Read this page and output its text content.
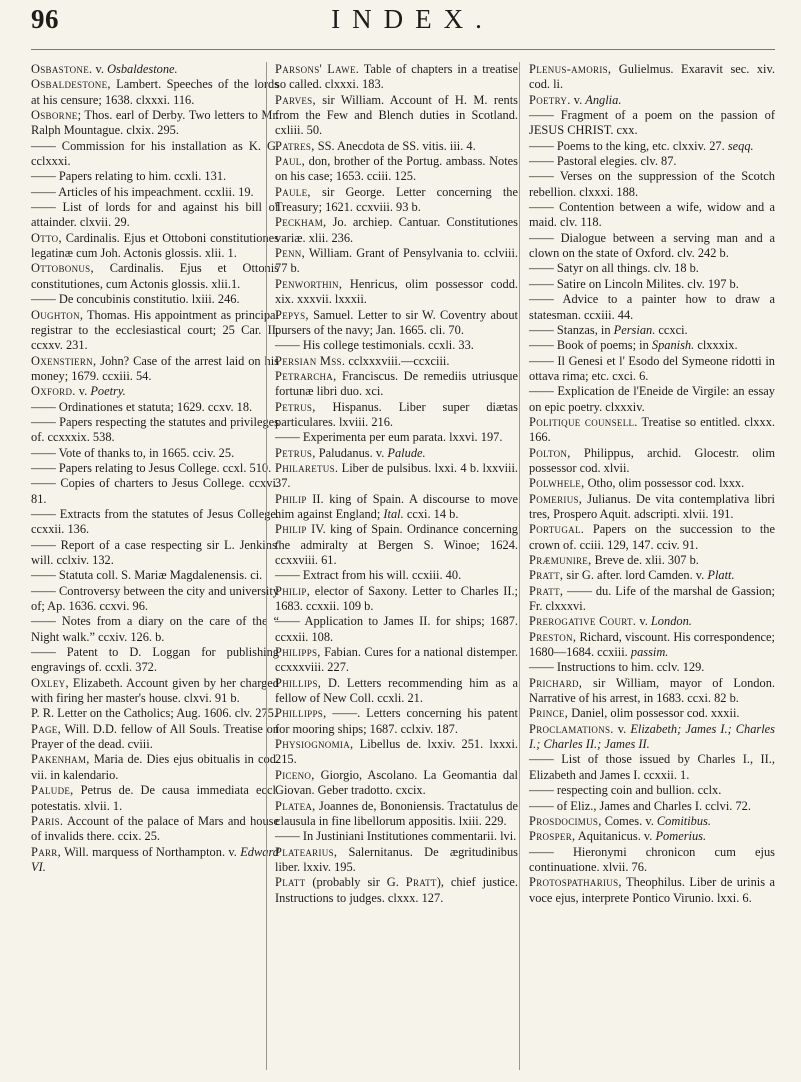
96	INDEX.

Osbastone. v. Osbaldestone.

Osbaldestone, Lambert. Speeches of the lords at his censure; 1638. clxxxi. 116.

Osborne; Thos. earl of Derby. Two letters to Mr. Ralph Mountague. clxix. 295.

—— Commission for his installation as K. G. cclxxxi.

—— Papers relating to him. ccxli. 131.

—— Articles of his impeachment. ccxlii. 19.

—— List of lords for and against his bill of attainder. clxvii. 29.

Otto, Cardinalis. Ejus et Ottoboni constitutiones legatinæ cum Joh. Actonis glossis. xlii. 1.

Ottobonus, Cardinalis. Ejus et Ottonis constitutiones, cum Actonis glossis. xlii.1.

—— De concubinis constitutio. lxiii. 246.

Oughton, Thomas. His appointment as principal registrar to the ecclesiastical court; 25 Car. II. ccxxv. 231.

Oxenstiern, John? Case of the arrest laid on his money; 1679. ccxiii. 54.

Oxford. v. Poetry.

—— Ordinationes et statuta; 1629. ccxv. 18.

—— Papers respecting the statutes and privileges of. ccxxxix. 538.

—— Vote of thanks to, in 1665. cciv. 25.

—— Papers relating to Jesus College. ccxl. 510.

—— Copies of charters to Jesus College. ccxvi. 81.

—— Extracts from the statutes of Jesus College. ccxxii. 136.

—— Report of a case respecting sir L. Jenkins' will. cclxiv. 132.

—— Statuta coll. S. Mariæ Magdalenensis. ci.

—— Controversy between the city and university of; Ap. 1636. ccxvi. 96.

—— Notes from a diary on the care of the “ Night walk.” ccxiv. 126. b.

—— Patent to D. Loggan for publishing engravings of. ccxli. 372.

Oxley, Elizabeth. Account given by her charged with firing her master's house. clxvi. 91 b.

P. R. Letter on the Catholics; Aug. 1606. clv. 275.

Page, Will. D.D. fellow of All Souls. Treatise on Prayer of the dead. cviii.

Pakenham, Maria de. Dies ejus obitualis in cod. vii. in kalendario.

Palude, Petrus de. De causa immediata eccl. potestatis. xlvii. 1.

Paris. Account of the palace of Mars and house of invalids there. ccix. 25.

Parr, Will. marquess of Northampton. v. Edward VI.

Parsons' Lawe. Table of chapters in a treatise so called. clxxxi. 183.

Parves, sir William. Account of H. M. rents from the Few and Blench duties in Scotland. cxliii. 50.

Patres, SS. Anecdota de SS. vitis. iii. 4.

Paul, don, brother of the Portug. ambass. Notes on his case; 1653. cciii. 125.

Paule, sir George. Letter concerning the Treasury; 1621. ccxviii. 93 b.

Peckham, Jo. archiep. Cantuar. Constitutiones variæ. xlii. 236.

Penn, William. Grant of Pensylvania to. cclviii. 77 b.

Penworthin, Henricus, olim possessor codd. xix. xxxvii. lxxxii.

Pepys, Samuel. Letter to sir W. Coventry about pursers of the navy; Jan. 1665. cli. 70.

—— His college testimonials. ccxli. 33.

Persian Mss. cclxxxviii.—ccxciii.

Petrarcha, Franciscus. De remediis utriusque fortunæ libri duo. xci.

Petrus, Hispanus. Liber super diætas particulares. lxviii. 216.

—— Experimenta per eum parata. lxxvi. 197.

Petrus, Paludanus. v. Palude.

Philaretus. Liber de pulsibus. lxxi. 4 b. lxxviii. 37.

Philip II. king of Spain. A discourse to move him against England; Ital. ccxi. 14 b.

Philip IV. king of Spain. Ordinance concerning the admiralty at Bergen S. Winoe; 1624. ccxxviii. 61.

—— Extract from his will. ccxiii. 40.

Philip, elector of Saxony. Letter to Charles II.; 1683. ccxxii. 109 b.

—— Application to James II. for ships; 1687. ccxxii. 108.

Philipps, Fabian. Cures for a national distemper. ccxxxviii. 227.

Phillips, D. Letters recommending him as a fellow of New Coll. ccxli. 21.

Phillipps, ——. Letters concerning his patent for mooring ships; 1687. cclxiv. 187.

Physiognomia, Libellus de. lxxiv. 251. lxxxi. 215.

Piceno, Giorgio, Ascolano. La Geomantia dal Giovan. Geber tradotto. cxcix.

Platea, Joannes de, Bononiensis. Tractatulus de clausula in fine libellorum appositis. lxiii. 229.

—— In Justiniani Institutiones commentarii. lvi.

Platearius, Salernitanus. De ægritudinibus liber. lxxiv. 195.

Platt (probably sir G. Pratt), chief justice. Instructions to judges. clxxx. 127.

Plenus-amoris, Gulielmus. Exaravit sec. xiv. cod. li.

Poetry. v. Anglia.

—— Fragment of a poem on the passion of JESUS CHRIST. cxx.

—— Poems to the king, etc. clxxiv. 27. seqq.

—— Pastoral elegies. clv. 87.

—— Verses on the suppression of the Scotch rebellion. clxxxi. 188.

—— Contention between a wife, widow and a maid. clv. 118.

—— Dialogue between a serving man and a clown on the state of Oxford. clv. 242 b.

—— Satyr on all things. clv. 18 b.

—— Satire on Lincoln Milites. clv. 197 b.

—— Advice to a painter how to draw a statesman. ccxiii. 44.

—— Stanzas, in Persian. ccxci.

—— Book of poems; in Spanish. clxxxix.

—— Il Genesi et l' Esodo del Symeone ridotti in ottava rima; etc. cxci. 6.

—— Explication de l'Eneide de Virgile: an essay on epic poetry. clxxxiv.

Politique counsell. Treatise so entitled. clxxx. 166.

Polton, Philippus, archid. Glocestr. olim possessor cod. xlvii.

Polwhele, Otho, olim possessor cod. lxxx.

Pomerius, Julianus. De vita contemplativa libri tres, Prospero Aquit. adscripti. xlvii. 191.

Portugal. Papers on the succession to the crown of. cciii. 129, 147. cciv. 91.

Præmunire, Breve de. xlii. 307 b.

Pratt, sir G. after. lord Camden. v. Platt.

Pratt, —— du. Life of the marshal de Gassion; Fr. clxxxvi.

Prerogative Court. v. London.

Preston, Richard, viscount. His correspondence; 1680—1684. ccxiii. passim.

—— Instructions to him. cclv. 129.

Prichard, sir William, mayor of London. Narrative of his arrest, in 1683. ccxi. 82 b.

Prince, Daniel, olim possessor cod. xxxii.

Proclamations. v. Elizabeth; James I.; Charles I.; Charles II.; James II.

—— List of those issued by Charles I., II., Elizabeth and James I. ccxxii. 1.

—— respecting coin and bullion. cclx.

—— of Eliz., James and Charles I. cclvi. 72.

Prosdocimus, Comes. v. Comitibus.

Prosper, Aquitanicus. v. Pomerius.

—— Hieronymi chronicon cum ejus continuatione. xlvii. 76.

Protospatharius, Theophilus. Liber de urinis a voce ejus, interprete Pontico Virunio. lxxi. 6.
